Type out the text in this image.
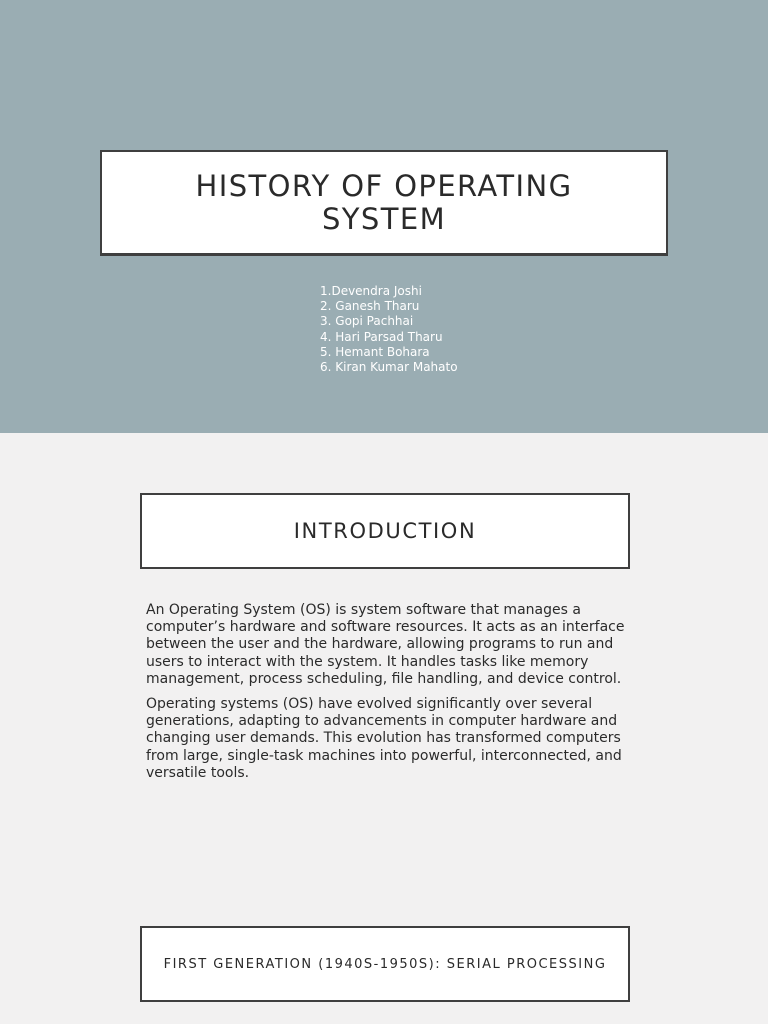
HISTORY OF OPERATING SYSTEM
1.Devendra Joshi
2. Ganesh Tharu
3. Gopi Pachhai
4. Hari Parsad Tharu
5. Hemant Bohara
6. Kiran Kumar Mahato
INTRODUCTION

An Operating System (OS) is system software that manages a computer’s hardware and software resources. It acts as an interface between the user and the hardware, allowing programs to run and users to interact with the system. It handles tasks like memory management, process scheduling, file handling, and device control.

Operating systems (OS) have evolved significantly over several generations, adapting to advancements in computer hardware and changing user demands. This evolution has transformed computers from large, single-task machines into powerful, interconnected, and versatile tools.

FIRST GENERATION (1940S-1950S): SERIAL PROCESSING
